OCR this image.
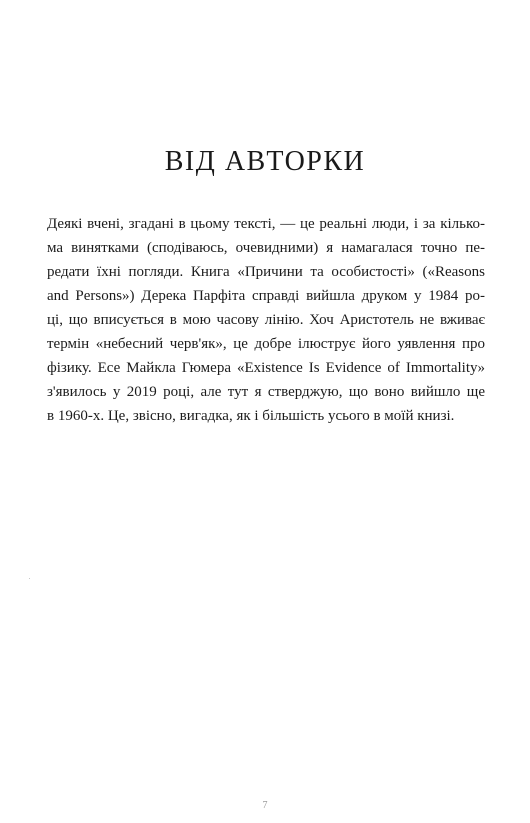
ВІД АВТОРКИ
Деякі вчені, згадані в цьому тексті, — це реальні люди, і за кілько-
ма винятками (сподіваюсь, очевидними) я намагалася точно пе-
редати їхні погляди. Книга «Причини та особистості» («Reasons
and Persons») Дерека Парфіта справді вийшла друком у 1984 ро-
ці, що вписується в мою часову лінію. Хоч Аристотель не вживає
термін «небесний черв'як», це добре ілюструє його уявлення про
фізику. Есе Майкла Гюмера «Existence Is Evidence of Immortality»
з'явилось у 2019 році, але тут я стверджую, що воно вийшло ще
в 1960-х. Це, звісно, вигадка, як і більшість усього в моїй книзі.
7
